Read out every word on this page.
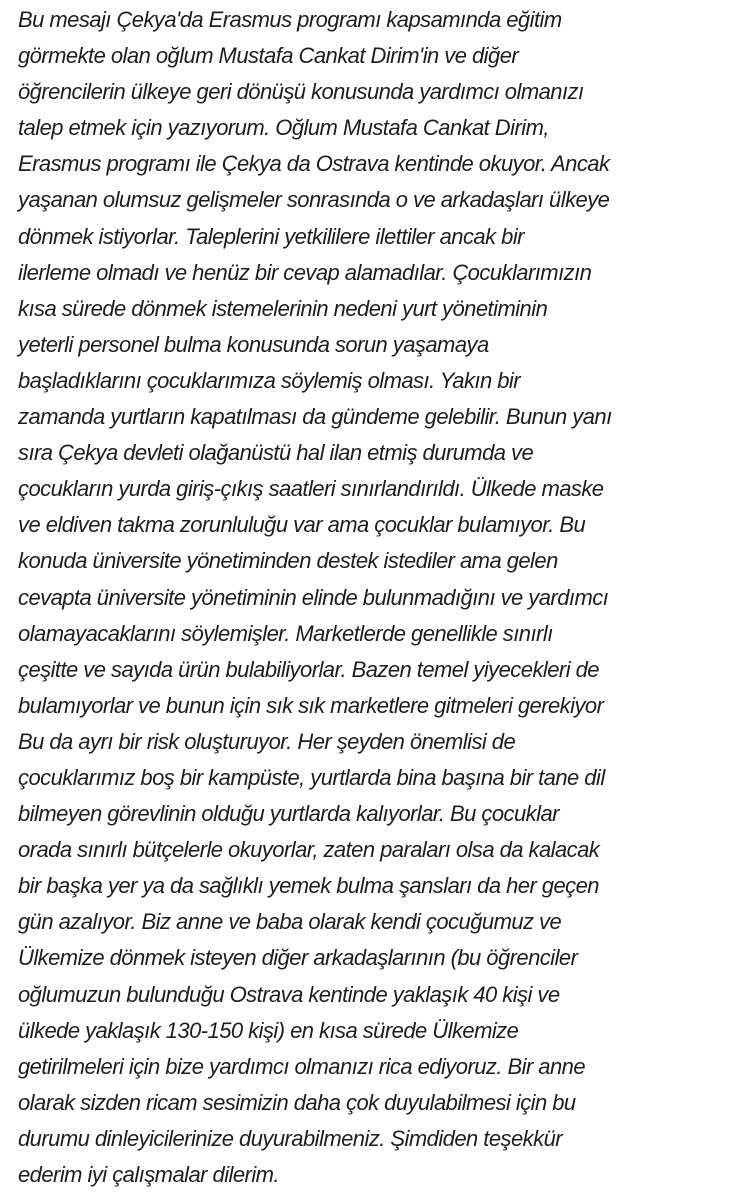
Bu mesajı Çekya'da Erasmus programı kapsamında eğitim
görmekte olan oğlum Mustafa Cankat Dirim'in ve diğer
öğrencilerin ülkeye geri dönüşü konusunda yardımcı olmanızı
talep etmek için yazıyorum. Oğlum Mustafa Cankat Dirim,
Erasmus programı ile Çekya da Ostrava kentinde okuyor. Ancak
yaşanan olumsuz gelişmeler sonrasında o ve arkadaşları ülkeye
dönmek istiyorlar. Taleplerini yetkililere ilettiler ancak bir
ilerleme olmadı ve henüz bir cevap alamadılar. Çocuklarımızın
kısa sürede dönmek istemelerinin nedeni yurt yönetiminin
yeterli personel bulma konusunda sorun yaşamaya
başladıklarını çocuklarımıza söylemiş olması. Yakın bir
zamanda yurtların kapatılması da gündeme gelebilir. Bunun yanı
sıra Çekya devleti olağanüstü hal ilan etmiş durumda ve
çocukların yurda giriş-çıkış saatleri sınırlandırıldı. Ülkede maske
ve eldiven takma zorunluluğu var ama çocuklar bulamıyor. Bu
konuda üniversite yönetiminden destek istediler ama gelen
cevapta üniversite yönetiminin elinde bulunmadığını ve yardımcı
olamayacaklarını söylemişler. Marketlerde genellikle sınırlı
çeşitte ve sayıda ürün bulabiliyorlar. Bazen temel yiyecekleri de
bulamıyorlar ve bunun için sık sık marketlere gitmeleri gerekiyor
Bu da ayrı bir risk oluşturuyor. Her şeyden önemlisi de
çocuklarımız boş bir kampüste, yurtlarda bina başına bir tane dil
bilmeyen görevlinin olduğu yurtlarda kalıyorlar. Bu çocuklar
orada sınırlı bütçelerle okuyorlar, zaten paraları olsa da kalacak
bir başka yer ya da sağlıklı yemek bulma şansları da her geçen
gün azalıyor. Biz anne ve baba olarak kendi çocuğumuz ve
Ülkemize dönmek isteyen diğer arkadaşlarının (bu öğrenciler
oğlumuzun bulunduğu Ostrava kentinde yaklaşık 40 kişi ve
ülkede yaklaşık 130-150 kişi) en kısa sürede Ülkemize
getirilmeleri için bize yardımcı olmanızı rica ediyoruz. Bir anne
olarak sizden ricam sesimizin daha çok duyulabilmesi için bu
durumu dinleyicilerinize duyurabilmeniz. Şimdiden teşekkür
ederim iyi çalışmalar dilerim.
